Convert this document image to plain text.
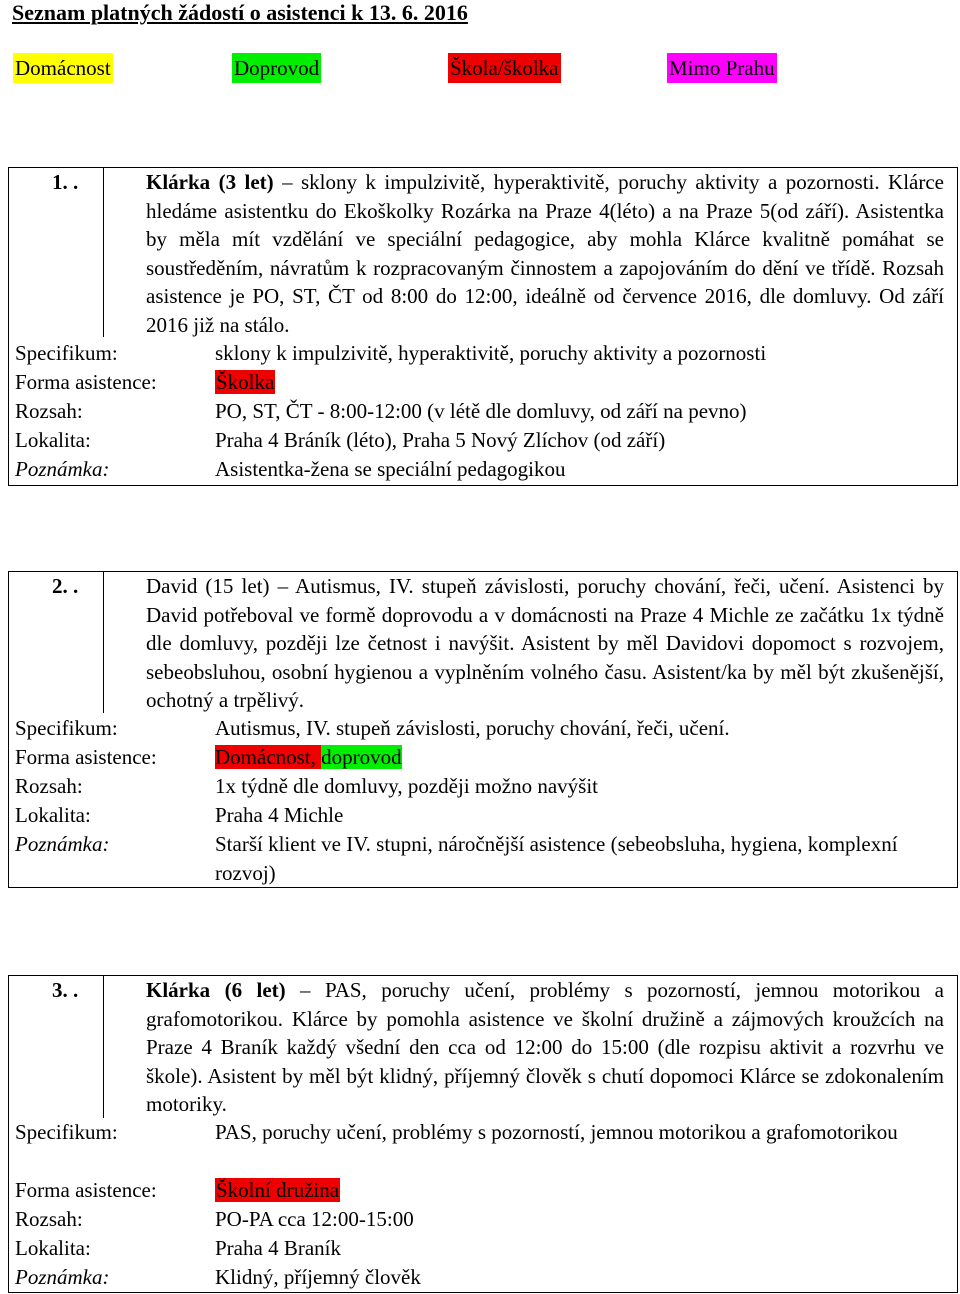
Seznam platných žádostí o asistenci k 13. 6. 2016
Domácnost	Doprovod	Škola/školka	Mimo Prahu
1. .	Klárka (3 let) – sklony k impulzivitě, hyperaktivitě, poruchy aktivity a pozornosti. Klárce hledáme asistentku do Ekoškolky Rozárka na Praze 4(léto) a na Praze 5(od září). Asistentka by měla mít vzdělání ve speciální pedagogice, aby mohla Klárce kvalitně pomáhat se soustředěním, návratům k rozpracovaným činnostem a zapojováním do dění ve třídě. Rozsah asistence je PO, ST, ČT od 8:00 do 12:00, ideálně od července 2016, dle domluvy. Od září 2016 již na stálo.
Specifikum:	sklony k impulzivitě, hyperaktivitě, poruchy aktivity a pozornosti
Forma asistence:	Školka
Rozsah:	PO, ST, ČT - 8:00-12:00 (v létě dle domluvy, od září na pevno)
Lokalita:	Praha 4 Bráník (léto), Praha 5 Nový Zlíchov (od září)
Poznámka:	Asistentka-žena se speciální pedagogikou
2. .	David (15 let) – Autismus, IV. stupeň závislosti, poruchy chování, řeči, učení. Asistenci by David potřeboval ve formě doprovodu a v domácnosti na Praze 4 Michle ze začátku 1x týdně dle domluvy, později lze četnost i navýšit. Asistent by měl Davidovi dopomoct s rozvojem, sebeobsluhou, osobní hygienou a vyplněním volného času. Asistent/ka by měl být zkušenější, ochotný a trpělivý.
Specifikum:	Autismus, IV. stupeň závislosti, poruchy chování, řeči, učení.
Forma asistence:	Domácnost, doprovod
Rozsah:	1x týdně dle domluvy, později možno navýšit
Lokalita:	Praha 4 Michle
Poznámka:	Starší klient ve IV. stupni, náročnější asistence (sebeobsluha, hygiena, komplexní rozvoj)
3. .	Klárka (6 let) – PAS, poruchy učení, problémy s pozorností, jemnou motorikou a grafomotorikou. Klárce by pomohla asistence ve školní družině a zájmových kroužcích na Praze 4 Braník každý všední den cca od 12:00 do 15:00 (dle rozpisu aktivit a rozvrhu ve škole). Asistent by měl být klidný, příjemný člověk s chutí dopomoci Klárce se zdokonalením motoriky.
Specifikum:	PAS, poruchy učení, problémy s pozorností, jemnou motorikou a grafomotorikou
Forma asistence:	Školní družina
Rozsah:	PO-PA cca 12:00-15:00
Lokalita:	Praha 4 Braník
Poznámka:	Klidný, příjemný člověk
